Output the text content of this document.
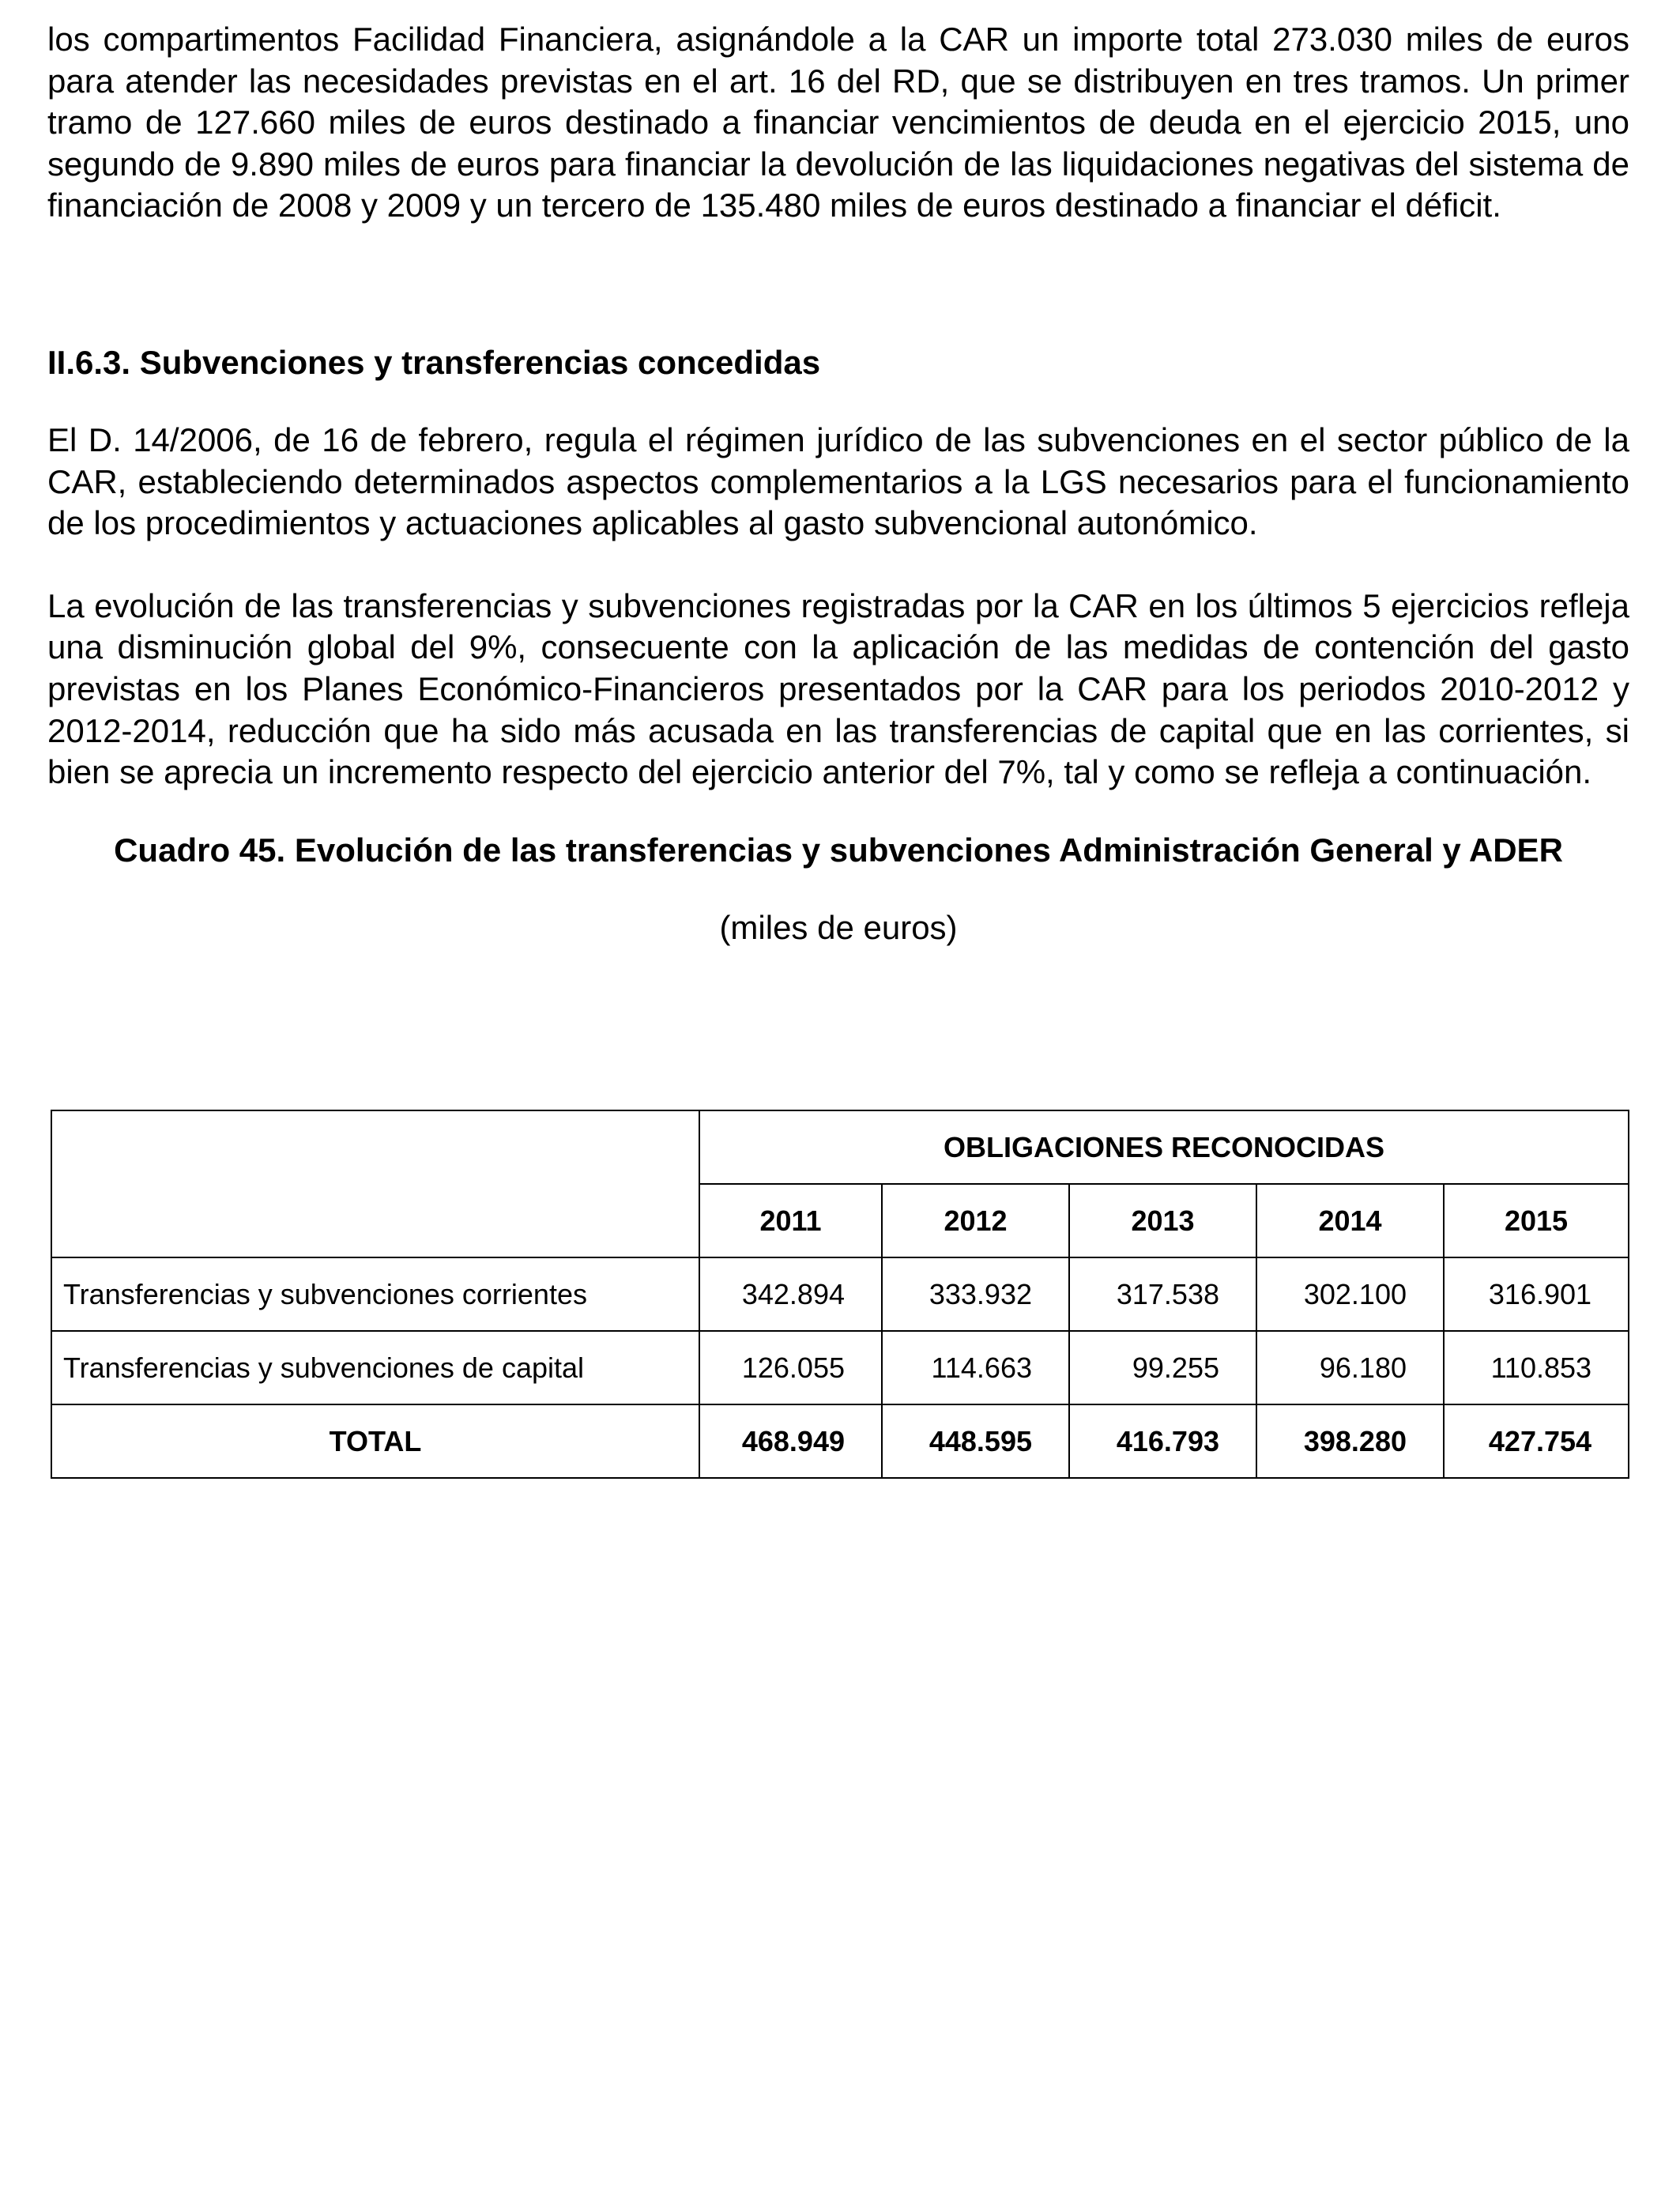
los compartimentos Facilidad Financiera, asignándole a la CAR un importe total 273.030 miles de euros para atender las necesidades previstas en el art. 16 del RD, que se distribuyen en tres tramos. Un primer tramo de 127.660 miles de euros destinado a financiar vencimientos de deuda en el ejercicio 2015, uno segundo de 9.890 miles de euros para financiar la devolución de las liquidaciones negativas del sistema de financiación de 2008 y 2009 y un tercero de 135.480 miles de euros destinado a financiar el déficit.

II.6.3. Subvenciones y transferencias concedidas

El D. 14/2006, de 16 de febrero, regula el régimen jurídico de las subvenciones en el sector público de la CAR, estableciendo determinados aspectos complementarios a la LGS necesarios para el funcionamiento de los procedimientos y actuaciones aplicables al gasto subvencional autonómico.

La evolución de las transferencias y subvenciones registradas por la CAR en los últimos 5 ejercicios refleja una disminución global del 9%, consecuente con la aplicación de las medidas de contención del gasto previstas en los Planes Económico-Financieros presentados por la CAR para los periodos 2010-2012 y 2012-2014, reducción que ha sido más acusada en las transferencias de capital que en las corrientes, si bien se aprecia un incremento respecto del ejercicio anterior del 7%, tal y como se refleja a continuación.

Cuadro 45. Evolución de las transferencias y subvenciones Administración General y ADER

(miles de euros)

	OBLIGACIONES RECONOCIDAS				
	2011	2012	2013	2014	2015
Transferencias y subvenciones corrientes	342.894	333.932	317.538	302.100	316.901
Transferencias y subvenciones de capital	126.055	114.663	99.255	96.180	110.853
TOTAL	468.949	448.595	416.793	398.280	427.754
